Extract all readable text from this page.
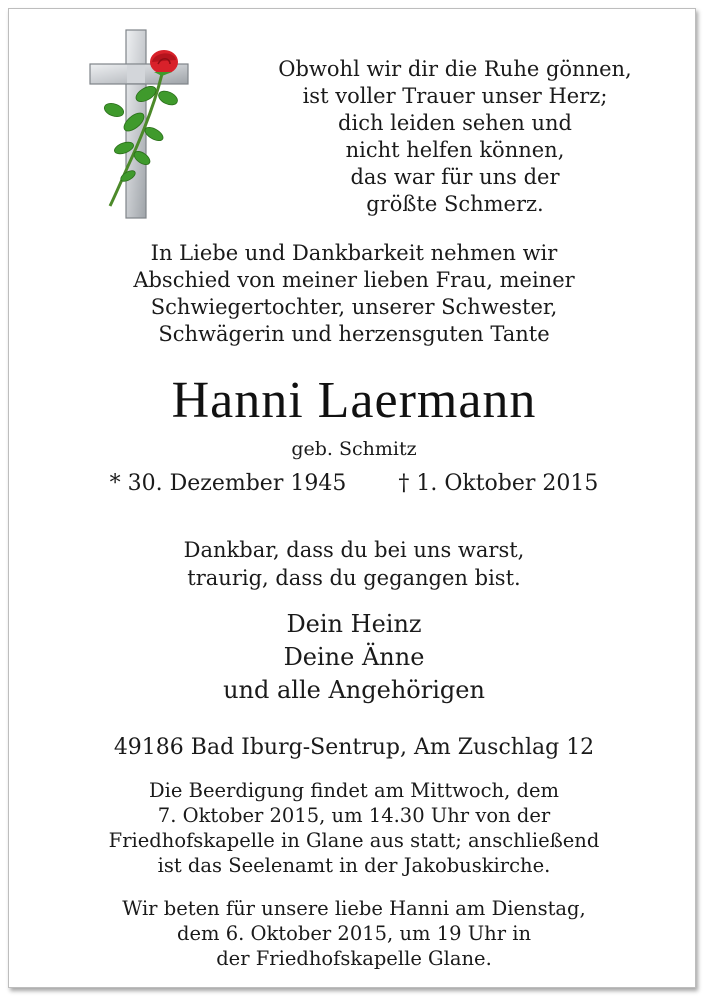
Obwohl wir dir die Ruhe gönnen,
ist voller Trauer unser Herz;
dich leiden sehen und
nicht helfen können,
das war für uns der
größte Schmerz.
In Liebe und Dankbarkeit nehmen wir
Abschied von meiner lieben Frau, meiner
Schwiegertochter, unserer Schwester,
Schwägerin und herzensguten Tante
Hanni Laermann
geb. Schmitz
* 30. Dezember 1945 † 1. Oktober 2015
Dankbar, dass du bei uns warst,
traurig, dass du gegangen bist.
Dein Heinz
Deine Änne
und alle Angehörigen
49186 Bad Iburg-Sentrup, Am Zuschlag 12
Die Beerdigung findet am Mittwoch, dem
7. Oktober 2015, um 14.30 Uhr von der
Friedhofskapelle in Glane aus statt; anschließend
ist das Seelenamt in der Jakobuskirche.
Wir beten für unsere liebe Hanni am Dienstag,
dem 6. Oktober 2015, um 19 Uhr in
der Friedhofskapelle Glane.
